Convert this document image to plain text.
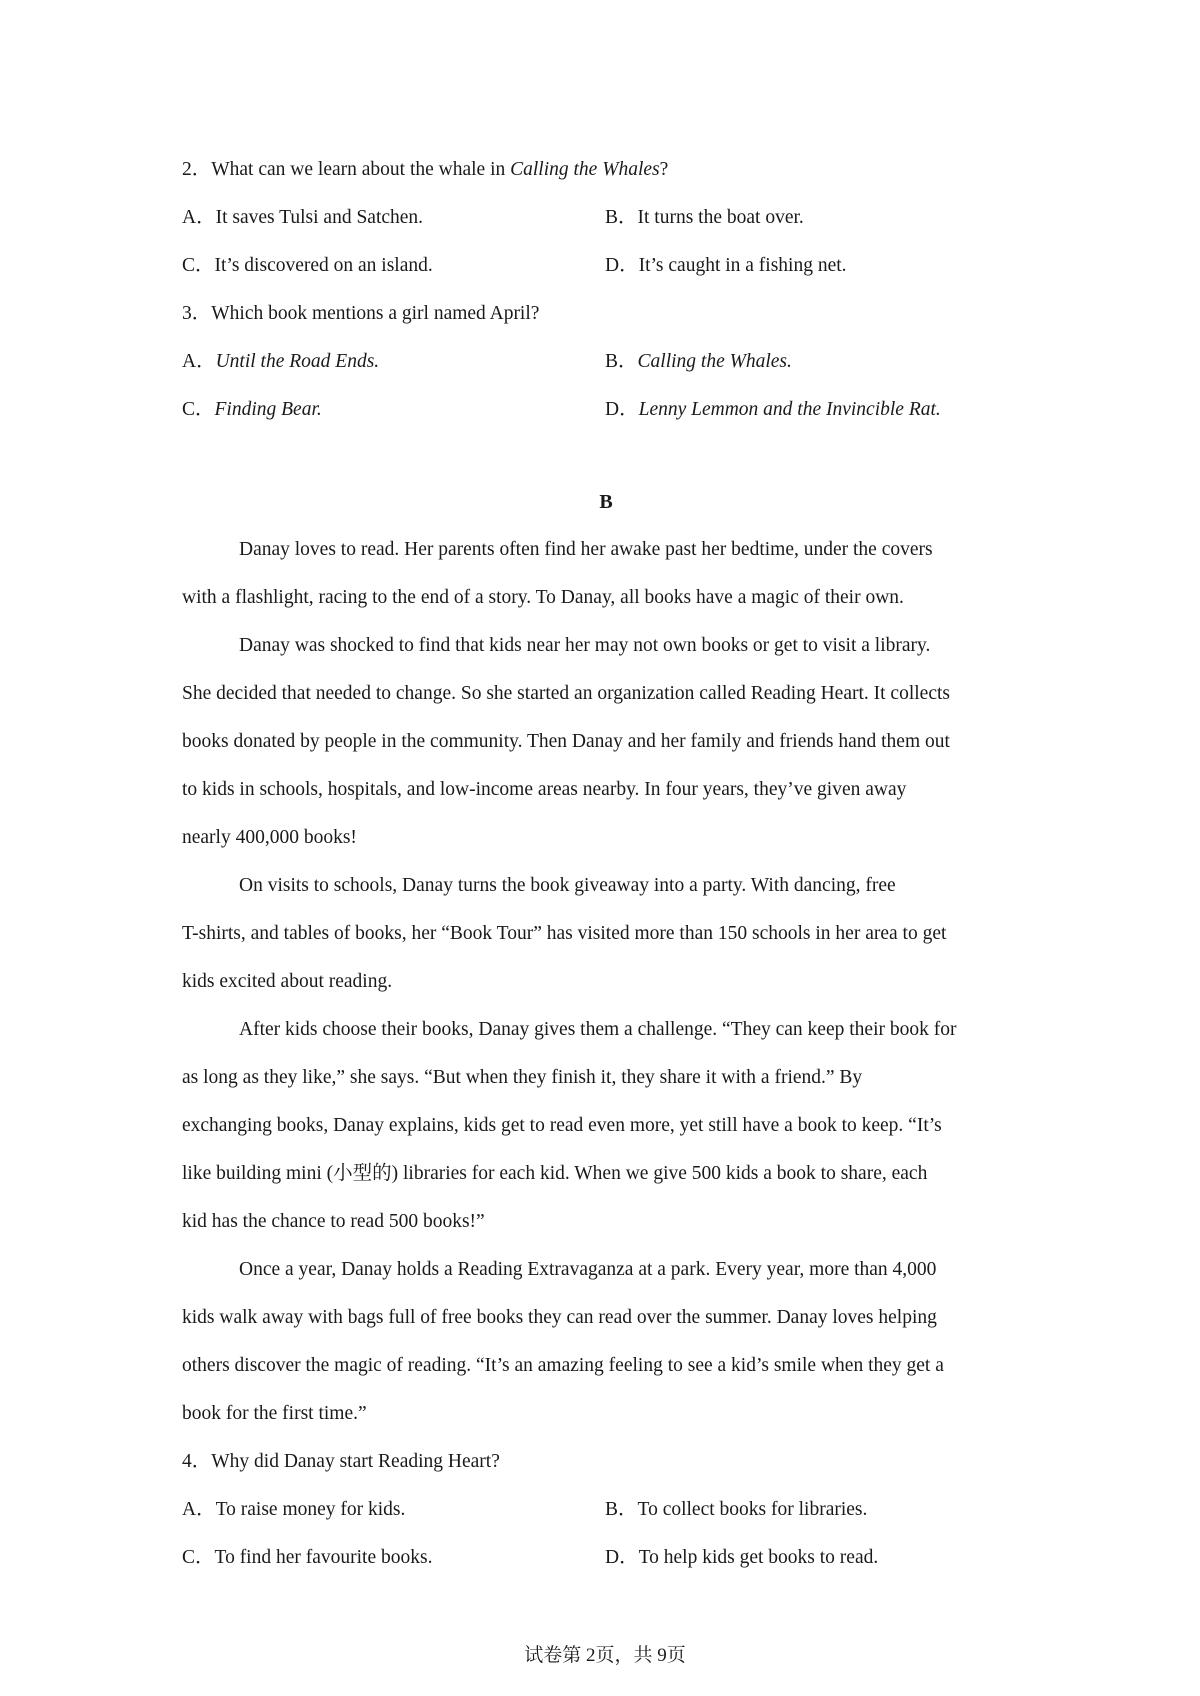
2．What can we learn about the whale in Calling the Whales?
A．It saves Tulsi and Satchen.	B．It turns the boat over.
C．It’s discovered on an island.	D．It’s caught in a fishing net.
3．Which book mentions a girl named April?
A．Until the Road Ends.	B．Calling the Whales.
C．Finding Bear.	D．Lenny Lemmon and the Invincible Rat.
B
Danay loves to read. Her parents often find her awake past her bedtime, under the covers
with a flashlight, racing to the end of a story. To Danay, all books have a magic of their own.
Danay was shocked to find that kids near her may not own books or get to visit a library.
She decided that needed to change. So she started an organization called Reading Heart. It collects
books donated by people in the community. Then Danay and her family and friends hand them out
to kids in schools, hospitals, and low-income areas nearby. In four years, they’ve given away
nearly 400,000 books!
On visits to schools, Danay turns the book giveaway into a party. With dancing, free
T-shirts, and tables of books, her “Book Tour” has visited more than 150 schools in her area to get
kids excited about reading.
After kids choose their books, Danay gives them a challenge. “They can keep their book for
as long as they like,” she says. “But when they finish it, they share it with a friend.” By
exchanging books, Danay explains, kids get to read even more, yet still have a book to keep. “It’s
like building mini (小型的) libraries for each kid. When we give 500 kids a book to share, each
kid has the chance to read 500 books!”
Once a year, Danay holds a Reading Extravaganza at a park. Every year, more than 4,000
kids walk away with bags full of free books they can read over the summer. Danay loves helping
others discover the magic of reading. “It’s an amazing feeling to see a kid’s smile when they get a
book for the first time.”
4．Why did Danay start Reading Heart?
A．To raise money for kids.	B．To collect books for libraries.
C．To find her favourite books.	D．To help kids get books to read.
试卷第 2页，共 9页
